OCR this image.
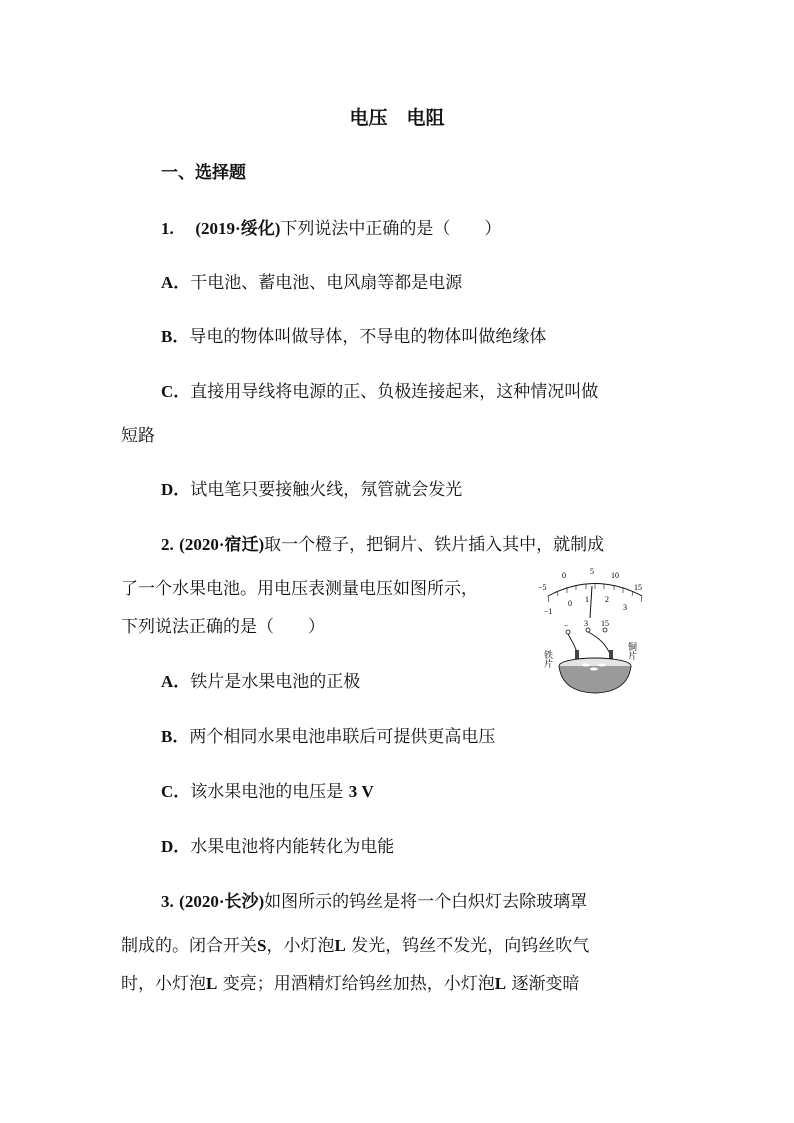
电压　电阻
一、选择题
1. (2019·绥化)下列说法中正确的是（　　）
A．干电池、蓄电池、电风扇等都是电源
B．导电的物体叫做导体，不导电的物体叫做绝缘体
C．直接用导线将电源的正、负极连接起来，这种情况叫做
短路
D．试电笔只要接触火线，氖管就会发光
2. (2020·宿迁)取一个橙子，把铜片、铁片插入其中，就制成
了一个水果电池。用电压表测量电压如图所示，
下列说法正确的是（　　）
−5
0	5 10
15
−1
0 1 2
3
− 3 15
铁片	铜片
A．铁片是水果电池的正极
B．两个相同水果电池串联后可提供更高电压
C．该水果电池的电压是 3 V
D．水果电池将内能转化为电能
3. (2020·长沙)如图所示的钨丝是将一个白炽灯去除玻璃罩
制成的。闭合开关S，小灯泡L 发光，钨丝不发光，向钨丝吹气
时，小灯泡L 变亮；用酒精灯给钨丝加热，小灯泡L 逐渐变暗
